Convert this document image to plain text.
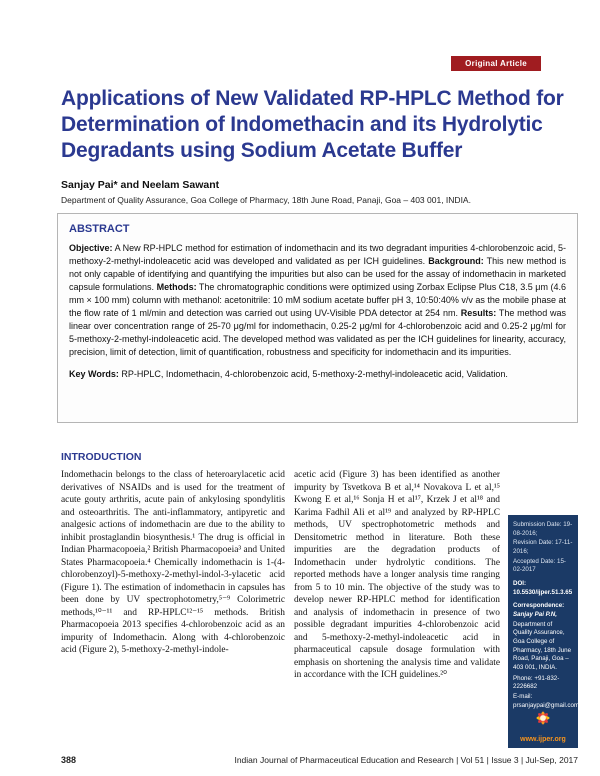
Original Article
Applications of New Validated RP-HPLC Method for Determination of Indomethacin and its Hydrolytic Degradants using Sodium Acetate Buffer
Sanjay Pai* and Neelam Sawant
Department of Quality Assurance, Goa College of Pharmacy, 18th June Road, Panaji, Goa – 403 001, INDIA.
ABSTRACT

Objective: A New RP-HPLC method for estimation of indomethacin and its two degradant impurities 4-chlorobenzoic acid, 5-methoxy-2-methyl-indoleacetic acid was developed and validated as per ICH guidelines. Background: This new method is not only capable of identifying and quantifying the impurities but also can be used for the assay of indomethacin in marketed capsule formulations. Methods: The chromatographic conditions were optimized using Zorbax Eclipse Plus C18, 3.5 μm (4.6 mm × 100 mm) column with methanol: acetonitrile: 10 mM sodium acetate buffer pH 3, 10:50:40% v/v as the mobile phase at the flow rate of 1 ml/min and detection was carried out using UV-Visible PDA detector at 254 nm. Results: The method was linear over concentration range of 25-70 μg/ml for indomethacin, 0.25-2 μg/ml for 4-chlorobenzoic acid and 0.25-2 μg/ml for 5-methoxy-2-methyl-indoleacetic acid. The developed method was validated as per the ICH guidelines for linearity, accuracy, precision, limit of detection, limit of quantification, robustness and specificity for indomethacin and its impurities.

Key Words: RP-HPLC, Indomethacin, 4-chlorobenzoic acid, 5-methoxy-2-methyl-indoleacetic acid, Validation.

INTRODUCTION
Indomethacin belongs to the class of heteroarylacetic acid derivatives of NSAIDs and is used for the treatment of acute gouty arthritis, acute pain of ankylosing spondylitis and osteoarthritis. The anti-inflammatory, antipyretic and analgesic actions of indomethacin are due to the ability to inhibit prostaglandin biosynthesis.¹ The drug is official in Indian Pharmacopoeia,² British Pharmacopoeia³ and United States Pharmacopoeia.⁴ Chemically indomethacin is 1-(4-chlorobenzoyl)-5-methoxy-2-methyl-indol-3-ylacetic acid (Figure 1). The estimation of indomethacin in capsules has been done by UV spectrophotometry,⁵⁻⁹ Colorimetric methods,¹⁰⁻¹¹ and RP-HPLC¹²⁻¹⁵ methods. British Pharmacopoeia 2013 specifies 4-chlorobenzoic acid as an impurity of Indomethacin. Along with 4-chlorobenzoic acid (Figure 2), 5-methoxy-2-methyl-indole-
acetic acid (Figure 3) has been identified as another impurity by Tsvetkova B et al,¹⁴ Novakova L et al,¹⁵ Kwong E et al,¹⁶ Sonja H et al¹⁷, Krzek J et al¹⁸ and Karima Fadhil Ali et al¹⁹ and analyzed by RP-HPLC methods, UV spectrophotometric methods and Densitometric method in literature. Both these impurities are the degradation products of Indomethacin under hydrolytic conditions. The reported methods have a longer analysis time ranging from 5 to 10 min. The objective of the study was to develop newer RP-HPLC method for identification and analysis of indomethacin in presence of two possible degradant impurities 4-chlorobenzoic acid and 5-methoxy-2-methyl-indoleacetic acid in pharmaceutical capsule dosage formulation with emphasis on shortening the analysis time and validate in accordance with the ICH guidelines.²⁰
Submission Date: 19-08-2016;
Revision Date: 17-11-2016;
Accepted Date: 15-02-2017
DOI: 10.5530/ijper.51.3.65
Correspondence:
Sanjay Pai P.N,
Department of Quality Assurance, Goa College of Pharmacy, 18th June Road, Panaji, Goa – 403 001, INDIA.
Phone: +91-832-2226682
E-mail: prsanjaypai@gmail.com
www.ijper.org
388	Indian Journal of Pharmaceutical Education and Research | Vol 51 | Issue 3 | Jul-Sep, 2017
